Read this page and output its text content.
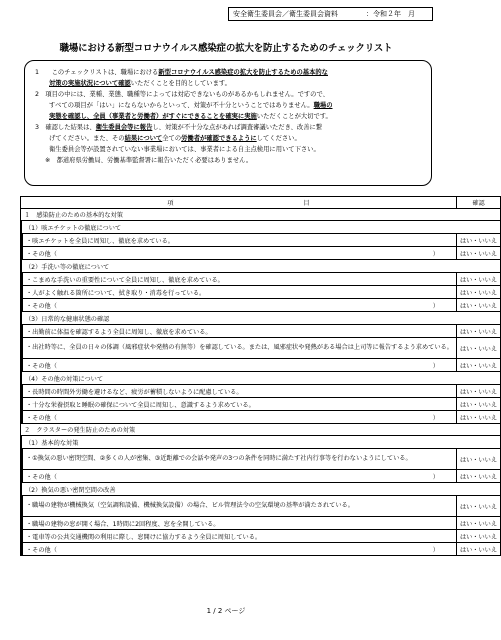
安全衛生委員会／衛生委員会資料	：令和２年　月
職場における新型コロナウイルス感染症の拡大を防止するためのチェックリスト

1　　 このチェックリストは、職場における新型コロナウイルス感染症の拡大を防止するための基本的な

対策の実施状況について確認いただくことを目的としています。

2　 項目の中には、業種、業態、職種等によっては対応できないものがあるかもしれません。ですので、

すべての項目が「はい」にならないからといって、対策が不十分ということではありません。職場の

実態を確認し、全員（事業者と労働者）がすぐにできることを確実に実施いただくことが大切です。

3　 確認した結果は、衛生委員会等に報告し、対策が不十分な点があれば調査審議いただき、改善に繋

げてください。また、その結果について全ての労働者が確認できるようにしてください。

衛生委員会等が設置されていない事業場においては、事業者による自主点検用に用いて下さい。

※　都道府県労働局、労働基準監督署に報告いただく必要はありません。

項　　　　　　　　　　　　　　　　　　　　　目		確認
１　感染防止のための基本的な対策		
	（1）咳エチケットの徹底について	
		・咳エチケットを全員に周知し、徹底を求めている。	はい・いいえ
		・その他（ ）	はい・いいえ
	（2）手洗い等の徹底について	
		・こまめな手洗いの重要性について全員に周知し、徹底を求めている。	はい・いいえ
		・人がよく触れる箇所について、拭き取り・消毒を行っている。	はい・いいえ
		・その他（ ）	はい・いいえ
	（3）日常的な健康状態の確認	
		・出勤前に体温を確認するよう全員に周知し、徹底を求めている。	はい・いいえ
		・出社時等に、全員の日々の体調（風邪症状や発熱の有無等）を確認している。または、風邪症状や発熱がある場合は上司等に報告するよう求めている。	はい・いいえ
		・その他（ ）	はい・いいえ
	（4）その他の対策について	
		・長時間の時間外労働を避けるなど、疲労が蓄積しないように配慮している。	はい・いいえ
		・十分な栄養摂取と睡眠の確保について全員に周知し、意識するよう求めている。	はい・いいえ
		・その他（ ）	はい・いいえ
２　クラスターの発生防止のための対策		
	（1）基本的な対策	
		・①換気の悪い密閉空間、②多くの人が密集、③近距離での会話や発声の3つの条件を同時に満たす社内行事等を行わないようにしている。	はい・いいえ
		・その他（ ）	はい・いいえ
	（2）換気の悪い密閉空間の改善	
		・職場の建物が機械換気（空気調和設備、機械換気設備）の場合、ビル管理法令の空気環境の基準が満たされている。	はい・いいえ
		・職場の建物の窓が開く場合、1時間に2回程度、窓を全開している。	はい・いいえ
		・電車等の公共交通機関の利用に際し、窓開けに協力するよう全員に周知している。	はい・いいえ
		・その他（ ）	はい・いいえ
1 / 2 ページ
